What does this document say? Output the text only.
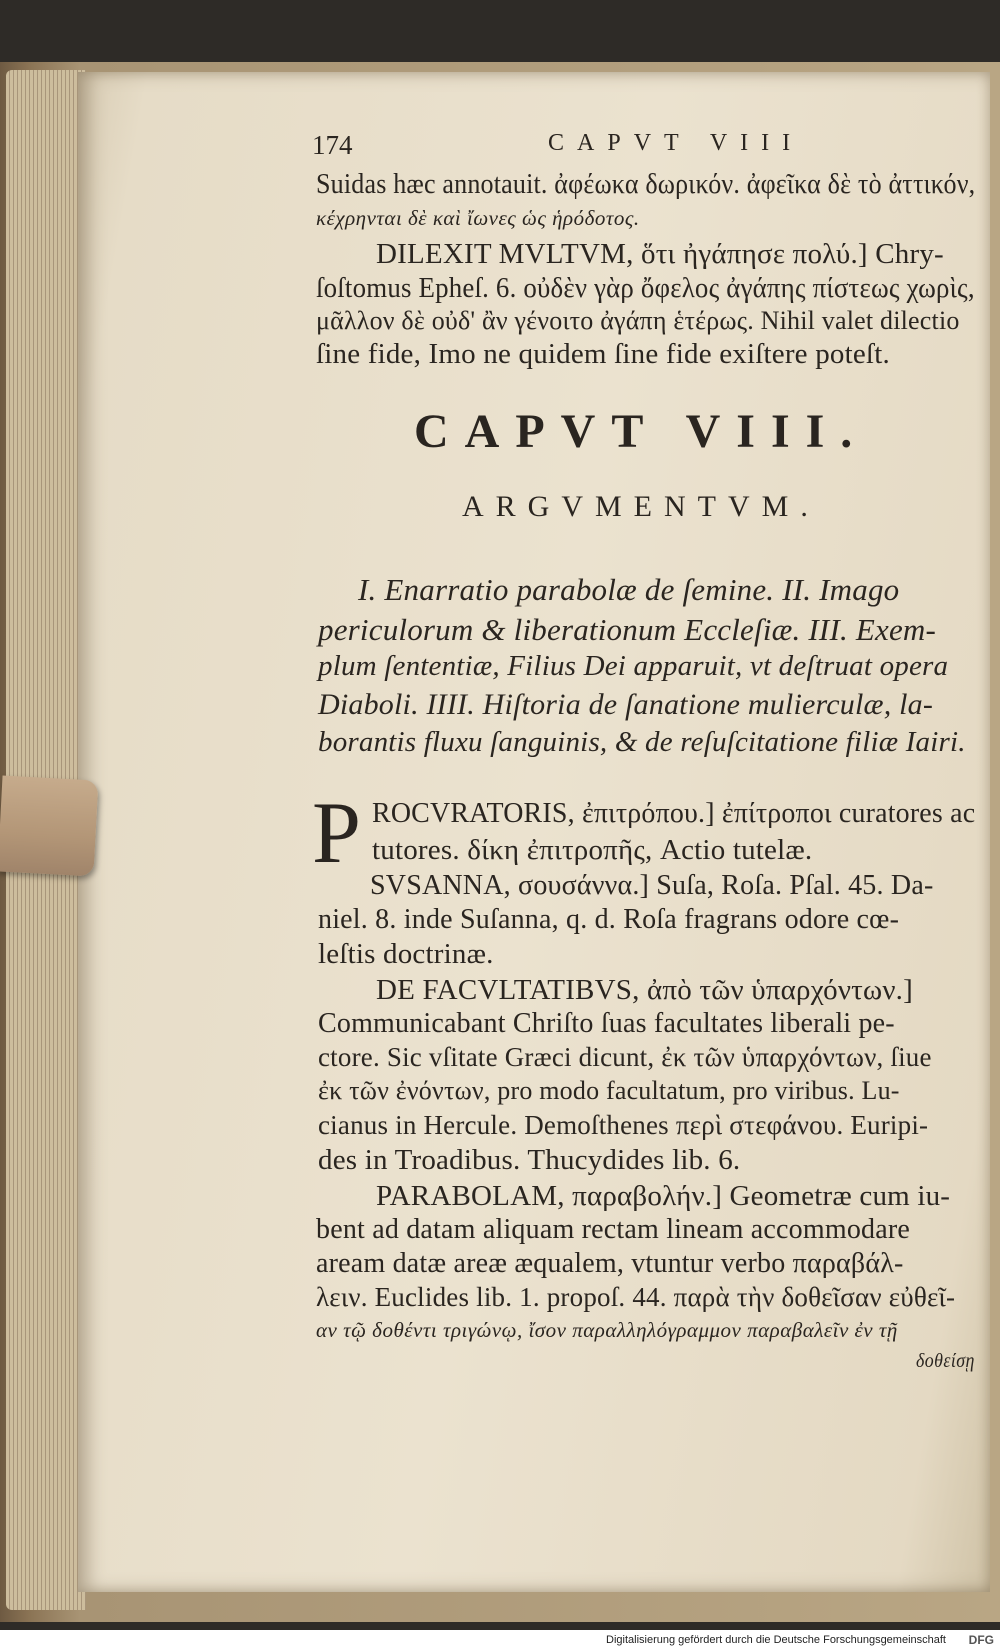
174	CAPVT VIII
Suidas hæc annotauit. ἀφέωκα δωρικόν. ἀφεῖκα δὲ τὸ ἀττικόν,
κέχρηνται δὲ καὶ ἴωνες ὡς ἡρόδοτος.
DILEXIT MVLTVM, ὅτι ἠγάπησε πολύ.] Chry-
ſoſtomus Epheſ. 6. οὐδὲν γὰρ ὄφελος ἀγάπης πίστεως χωρὶς,
μᾶλλον δὲ οὐδ' ἂν γένοιτο ἀγάπη ἑτέρως. Nihil valet dilectio
ſine fide, Imo ne quidem ſine fide exiſtere poteſt.
CAPVT VIII.
ARGVMENTVM.
I. Enarratio parabolæ de ſemine. II. Imago
periculorum & liberationum Eccleſiæ. III. Exem-
plum ſententiæ, Filius Dei apparuit, vt deſtruat opera
Diaboli. IIII. Hiſtoria de ſanatione mulierculæ, la-
borantis fluxu ſanguinis, & de reſuſcitatione filiæ Iairi.
P ROCVRATORIS, ἐπιτρόπου.] ἐπίτροποι curatores ac
tutores. δίκη ἐπιτροπῆς, Actio tutelæ.
SVSANNA, σουσάννα.] Suſa, Roſa. Pſal. 45. Da-
niel. 8. inde Suſanna, q. d. Roſa fragrans odore cœ-
leſtis doctrinæ.
DE FACVLTATIBVS, ἀπὸ τῶν ὑπαρχόντων.]
Communicabant Chriſto ſuas facultates liberali pe-
ctore. Sic vſitate Græci dicunt, ἐκ τῶν ὑπαρχόντων, ſiue
ἐκ τῶν ἐνόντων, pro modo facultatum, pro viribus. Lu-
cianus in Hercule. Demoſthenes περὶ στεφάνου. Euripi-
des in Troadibus. Thucydides lib. 6.
PARABOLAM, παραβολήν.] Geometræ cum iu-
bent ad datam aliquam rectam lineam accommodare
aream datæ areæ æqualem, vtuntur verbo παραβάλ-
λειν. Euclides lib. 1. propoſ. 44. παρὰ τὴν δοθεῖσαν εὐθεῖ-
αν τῷ δοθέντι τριγώνῳ, ἴσον παραλληλόγραμμον παραβαλεῖν ἐν τῇ
δοθείσῃ
Digitalisierung gefördert durch die Deutsche Forschungsgemeinschaft DFG
